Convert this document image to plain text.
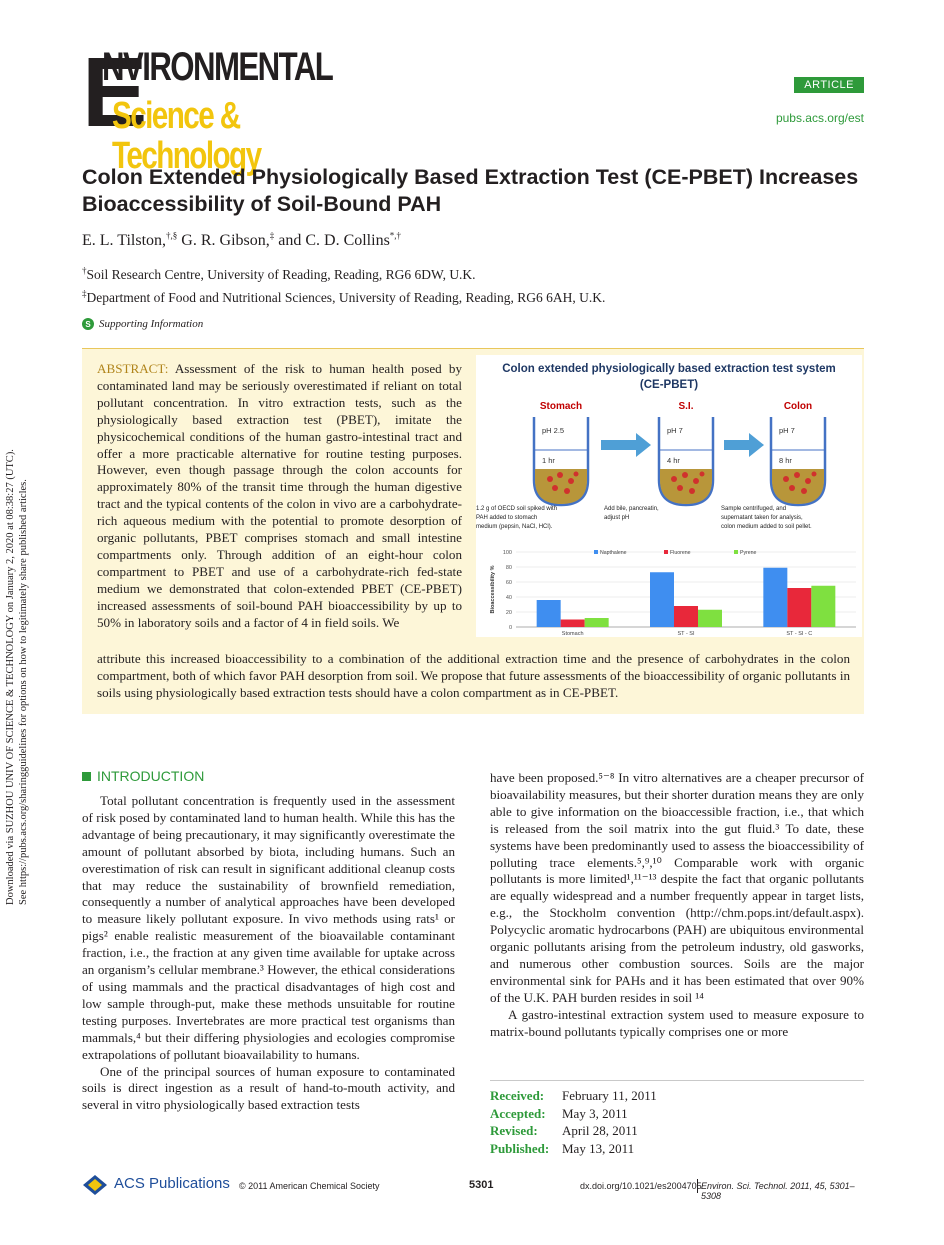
E
NVIRONMENTAL
Science & Technology
ARTICLE
pubs.acs.org/est
Colon Extended Physiologically Based Extraction Test (CE-PBET) Increases Bioaccessibility of Soil-Bound PAH
E. L. Tilston,†,§ G. R. Gibson,‡ and C. D. Collins*,†
†Soil Research Centre, University of Reading, Reading, RG6 6DW, U.K.
‡Department of Food and Nutritional Sciences, University of Reading, Reading, RG6 6AH, U.K.
S Supporting Information
ABSTRACT: Assessment of the risk to human health posed by contaminated land may be seriously overestimated if reliant on total pollutant concentration. In vitro extraction tests, such as the physiologically based extraction test (PBET), imitate the physicochemical conditions of the human gastro-intestinal tract and offer a more practicable alternative for routine testing purposes. However, even though passage through the colon accounts for approximately 80% of the transit time through the human digestive tract and the typical contents of the colon in vivo are a carbohydrate-rich aqueous medium with the potential to promote desorption of organic pollutants, PBET comprises stomach and small intestine compartments only. Through addition of an eight-hour colon compartment to PBET and use of a carbohydrate-rich fed-state medium we demonstrated that colon-extended PBET (CE-PBET) increased assessments of soil-bound PAH bioaccessibility by up to 50% in laboratory soils and a factor of 4 in field soils. We
attribute this increased bioaccessibility to a combination of the additional extraction time and the presence of carbohydrates in the colon compartment, both of which favor PAH desorption from soil. We propose that future assessments of the bioaccessibility of organic pollutants in soils using physiologically based extraction tests should have a colon compartment as in CE-PBET.
Colon extended physiologically based extraction test system
(CE-PBET)
Stomach	S.I.	Colon
pH 2.5
1 hr
pH 7
4 hr
pH 7
8 hr
1.2 g of OECD soil spiked with PAH added to stomach medium (pepsin, NaCl, HCl).
Add bile, pancreatin, adjust pH
Sample centrifuged, and supernatant taken for analysis, colon medium added to soil pellet.
0
20
40
60
80
100
Bioaccessibility %
Napthalene	Fluorene	Pyrene
Stomach	ST - SI	ST - SI - C
INTRODUCTION

Total pollutant concentration is frequently used in the assessment of risk posed by contaminated land to human health. While this has the advantage of being precautionary, it may significantly overestimate the amount of pollutant absorbed by biota, including humans. Such an overestimation of risk can result in significant additional cleanup costs that may reduce the sustainability of brownfield remediation, consequently a number of analytical approaches have been developed to measure likely pollutant exposure. In vivo methods using rats¹ or pigs² enable realistic measurement of the bioavailable contaminant fraction, i.e., the fraction at any given time available for uptake across an organism’s cellular membrane.³ However, the ethical considerations of using mammals and the practical disadvantages of high cost and low sample through-put, make these methods unsuitable for routine testing purposes. Invertebrates are more practical test organisms than mammals,⁴ but their differing physiologies and ecologies compromise extrapolations of pollutant bioavailability to humans.

One of the principal sources of human exposure to contaminated soils is direct ingestion as a result of hand-to-mouth activity, and several in vitro physiologically based extraction tests

have been proposed.⁵⁻⁸ In vitro alternatives are a cheaper precursor of bioavailability measures, but their shorter duration means they are only able to give information on the bioaccessible fraction, i.e., that which is released from the soil matrix into the gut fluid.³ To date, these systems have been predominantly used to assess the bioaccessibility of polluting trace elements.⁵,⁹,¹⁰ Comparable work with organic pollutants is more limited¹,¹¹⁻¹³ despite the fact that organic pollutants are equally widespread and a number frequently appear in target lists, e.g., the Stockholm convention (http://chm.pops.int/default.aspx). Polycyclic aromatic hydrocarbons (PAH) are ubiquitous environmental organic pollutants arising from the petroleum industry, old gasworks, and numerous other combustion sources. Soils are the major environmental sink for PAHs and it has been estimated that over 90% of the U.K. PAH burden resides in soil ¹⁴

A gastro-intestinal extraction system used to measure exposure to matrix-bound pollutants typically comprises one or more

Received:	February 11, 2011
Accepted:	May 3, 2011
Revised:	April 28, 2011
Published: May 13, 2011
ACS Publications © 2011 American Chemical Society	5301	dx.doi.org/10.1021/es2004705 Environ. Sci. Technol. 2011, 45, 5301–5308
Downloaded via SUZHOU UNIV OF SCIENCE & TECHNOLOGY on January 2, 2020 at 08:38:27 (UTC). See https://pubs.acs.org/sharingguidelines for options on how to legitimately share published articles.
